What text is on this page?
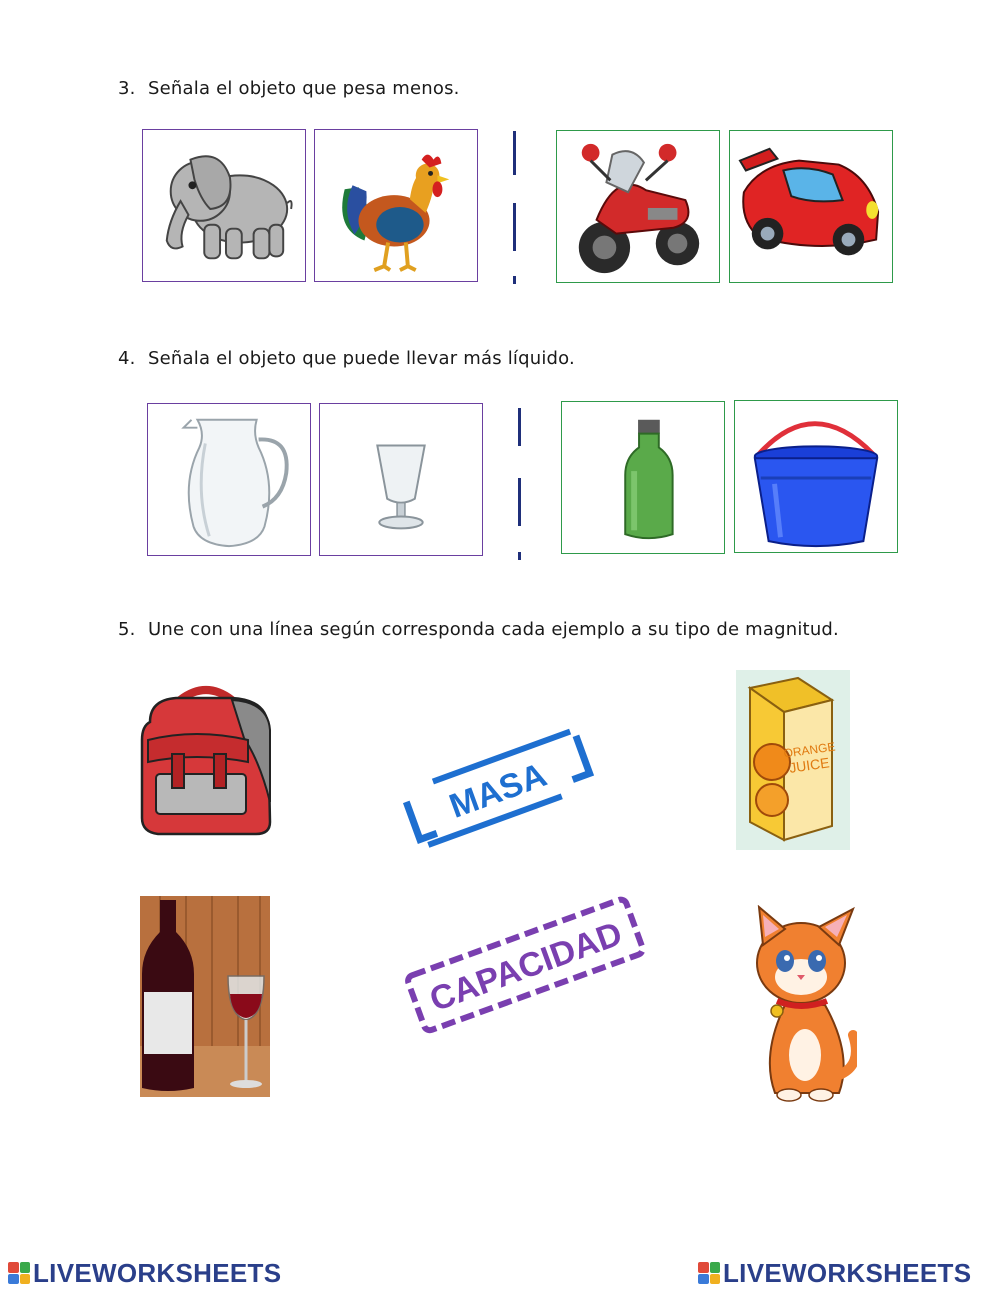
3. Señala el objeto que pesa menos.
4. Señala el objeto que puede llevar más líquido.
5. Une con una línea según corresponda cada ejemplo a su tipo de magnitud.
MASA
ORANGE
JUICE
CAPACIDAD
LIVEWORKSHEETS	LIVEWORKSHEETS
